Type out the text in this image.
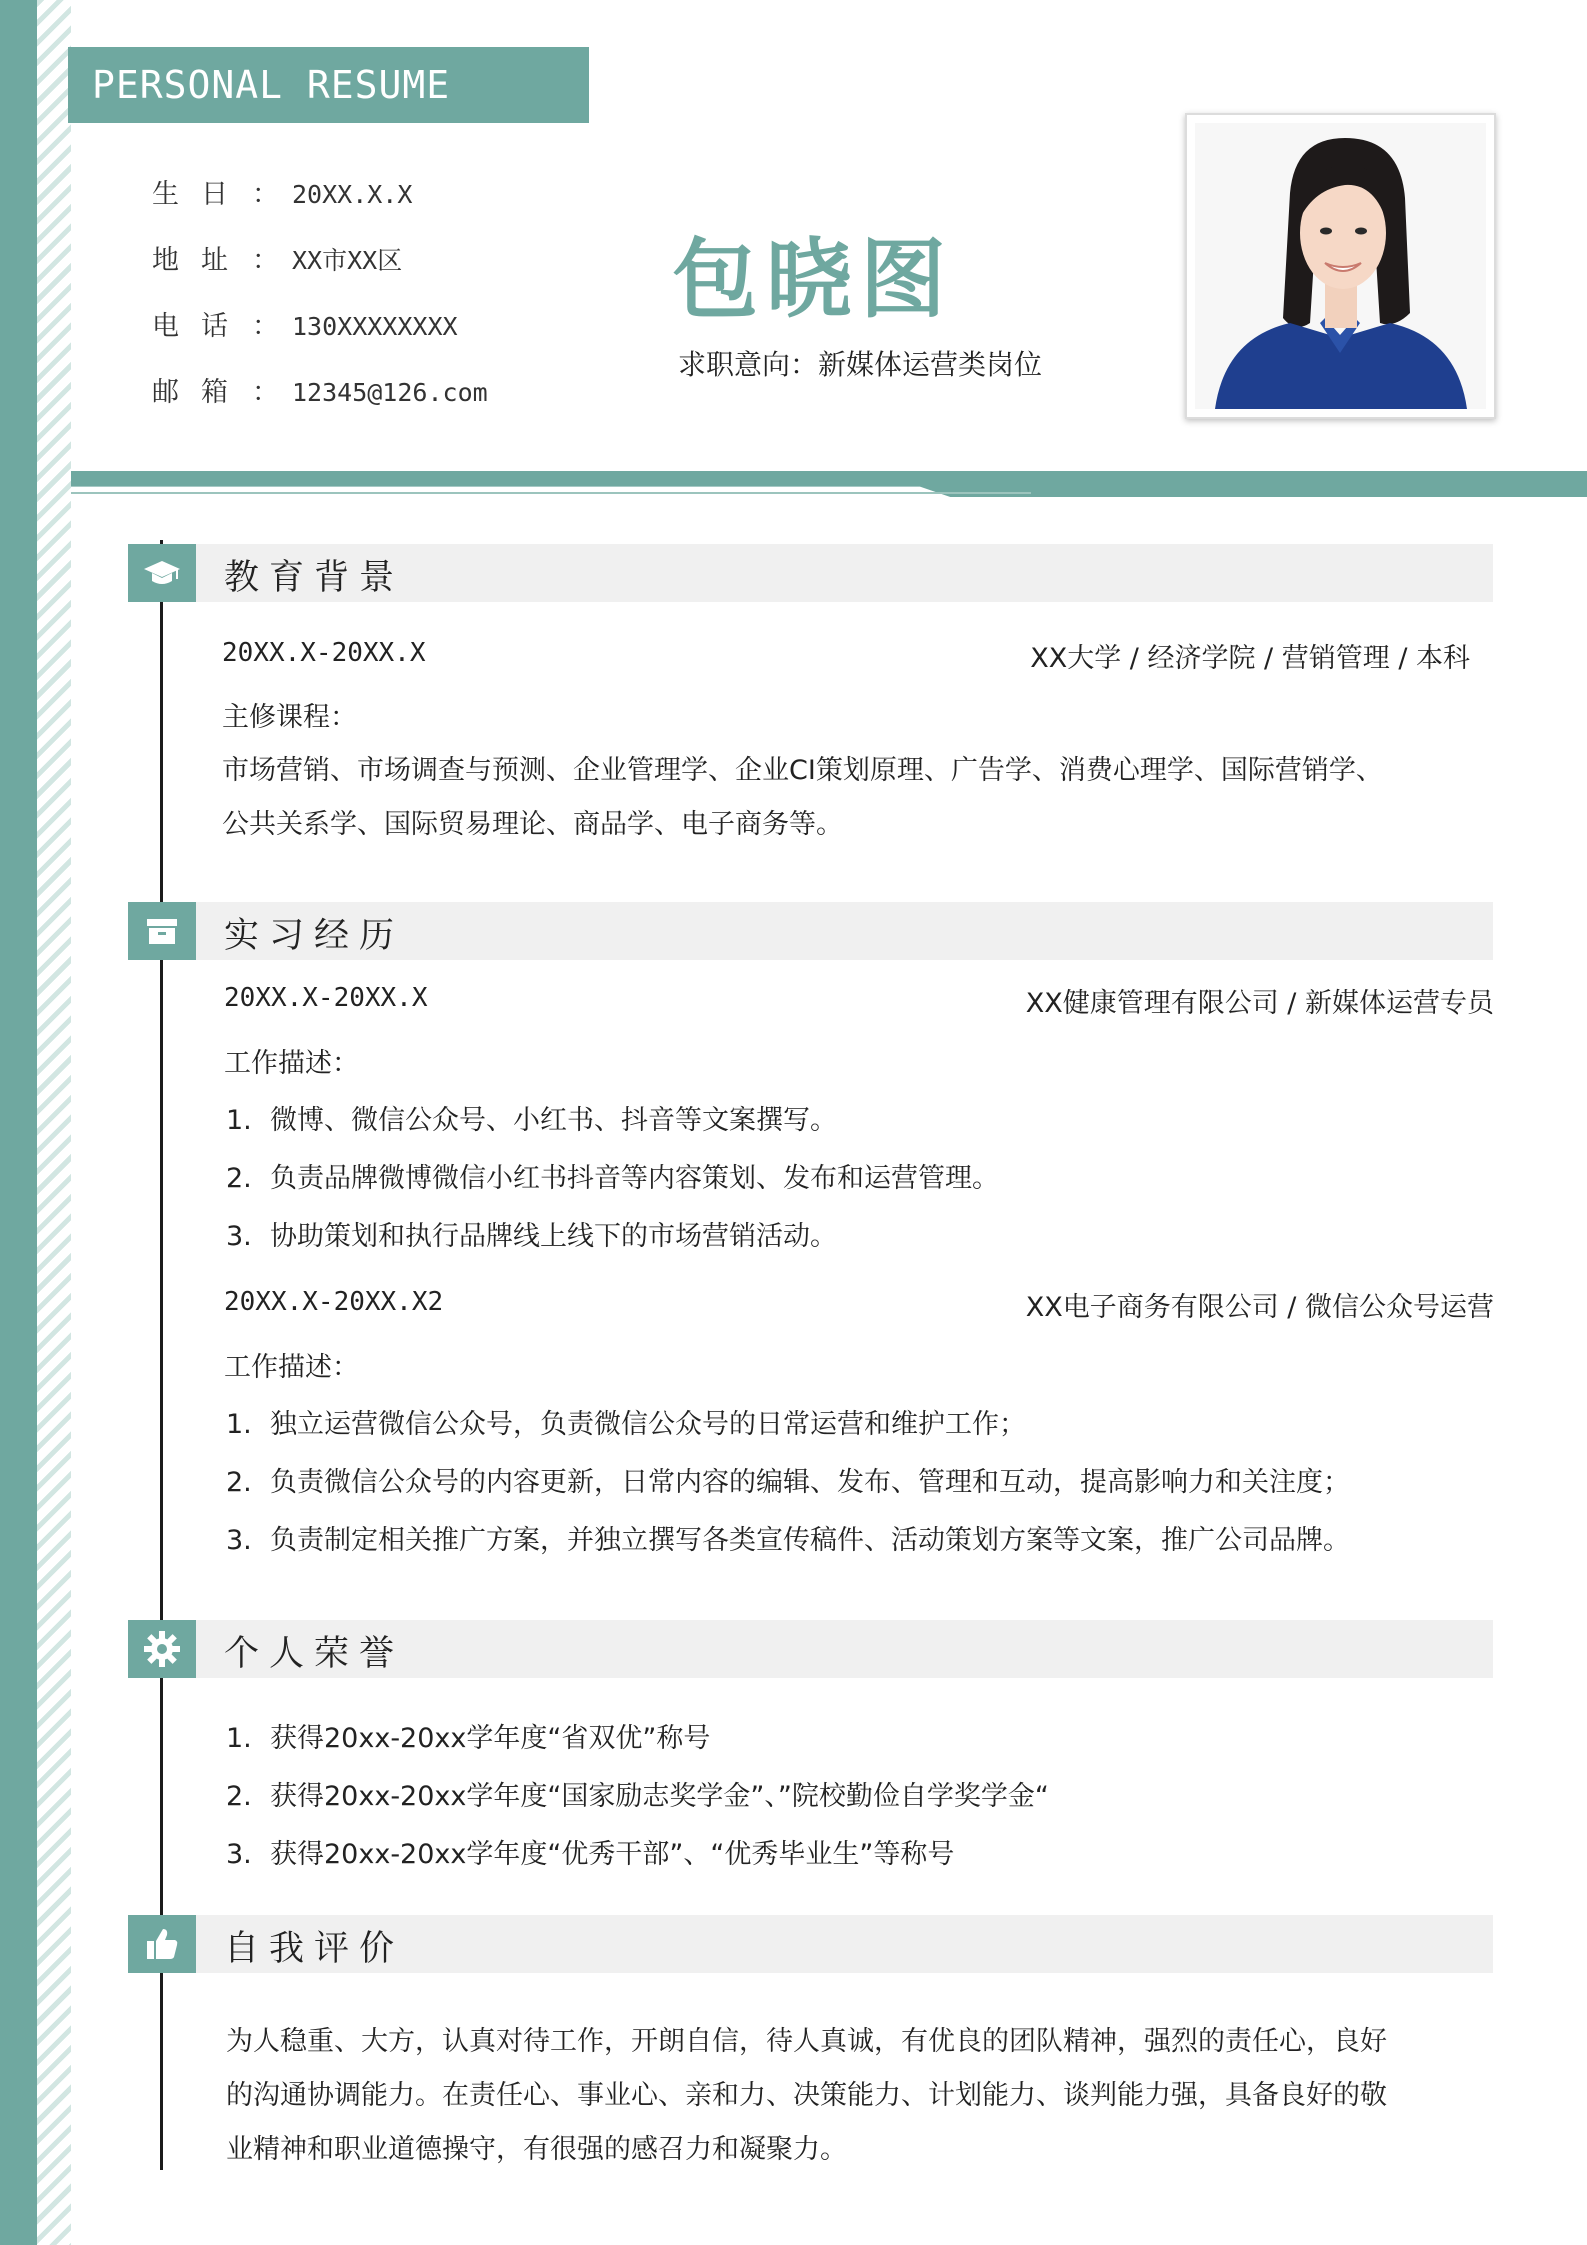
PERSONAL RESUME
生日： 20XX.X.X
地址： XX市XX区
电话： 130XXXXXXXX
邮箱： 12345@126.com
包晓图
求职意向：新媒体运营类岗位
教育背景
20XX.X-20XX.X	XX大学 / 经济学院 / 营销管理 / 本科
主修课程：
市场营销、市场调查与预测、企业管理学、企业CI策划原理、广告学、消费心理学、国际营销学、
公共关系学、国际贸易理论、商品学、电子商务等。
实习经历
20XX.X-20XX.X	XX健康管理有限公司 / 新媒体运营专员
工作描述：
1. 微博、微信公众号、小红书、抖音等文案撰写。
2. 负责品牌微博微信小红书抖音等内容策划、发布和运营管理。
3. 协助策划和执行品牌线上线下的市场营销活动。
20XX.X-20XX.X2	XX电子商务有限公司 / 微信公众号运营
工作描述：
1. 独立运营微信公众号，负责微信公众号的日常运营和维护工作；
2. 负责微信公众号的内容更新，日常内容的编辑、发布、管理和互动，提高影响力和关注度；
3. 负责制定相关推广方案，并独立撰写各类宣传稿件、活动策划方案等文案，推广公司品牌。
个人荣誉
1. 获得20xx-20xx学年度“省双优”称号
2. 获得20xx-20xx学年度“国家励志奖学金”、”院校勤俭自学奖学金“
3. 获得20xx-20xx学年度“优秀干部”、“优秀毕业生”等称号
自我评价
为人稳重、大方，认真对待工作，开朗自信，待人真诚，有优良的团队精神，强烈的责任心，良好
的沟通协调能力。在责任心、事业心、亲和力、决策能力、计划能力、谈判能力强，具备良好的敬
业精神和职业道德操守，有很强的感召力和凝聚力。
